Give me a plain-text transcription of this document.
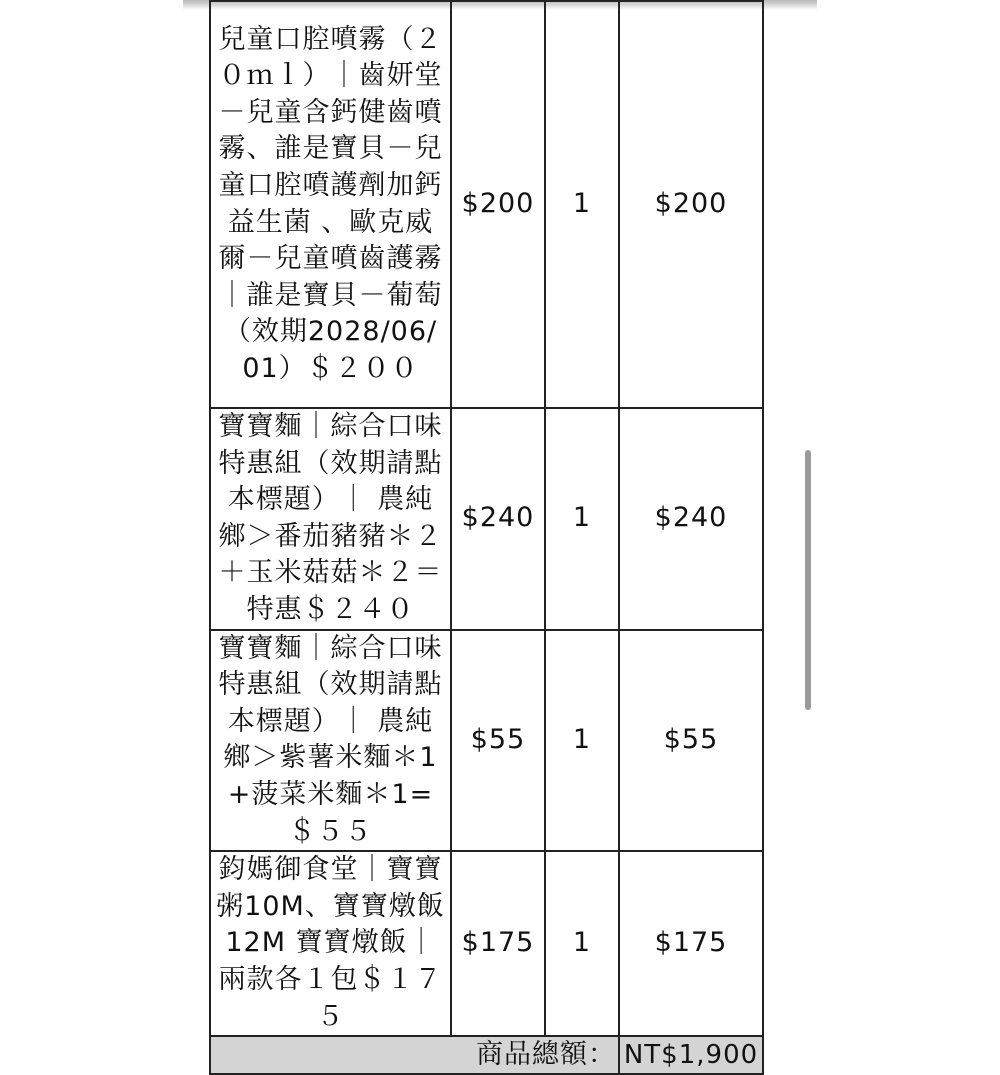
兒童口腔噴霧（２０ｍｌ）｜齒妍堂－兒童含鈣健齒噴霧、誰是寶貝－兒童口腔噴護劑加鈣益生菌 、歐克威爾－兒童噴齒護霧｜誰是寶貝－葡萄（效期2028/06/01）＄２００	$200	1	$200
寶寶麵｜綜合口味特惠組（效期請點本標題）｜ 農純鄉＞番茄豬豬＊２＋玉米菇菇＊２＝特惠＄２４０	$240	1	$240
寶寶麵｜綜合口味特惠組（效期請點本標題）｜ 農純鄉＞紫薯米麵＊1+菠菜米麵＊1= ＄５５	$55	1	$55
鈞媽御食堂｜寶寶粥10M、寶寶燉飯12M 寶寶燉飯｜兩款各１包＄１７５	$175	1	$175
商品總額：			NT$1,900
